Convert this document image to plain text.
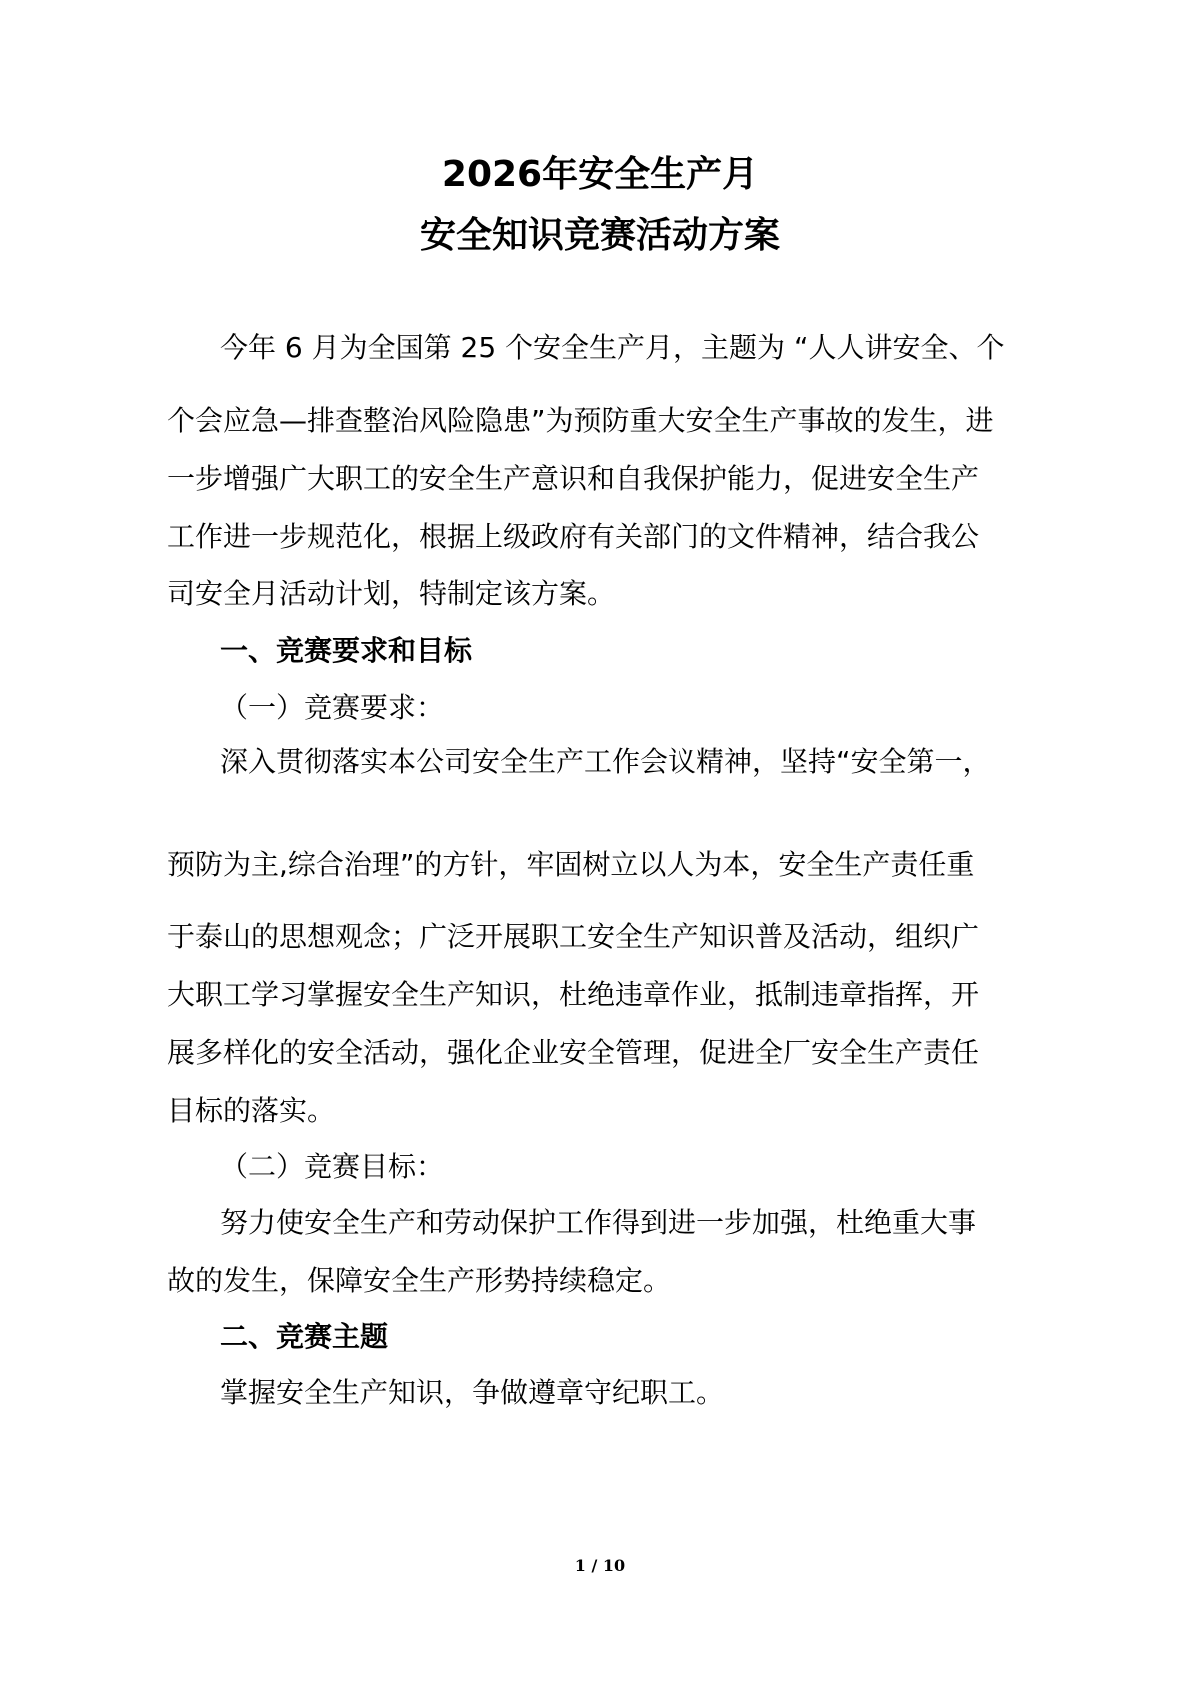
2026年安全生产月
安全知识竞赛活动方案
今年 6 月为全国第 25 个安全生产月，主题为 “人人讲安全、个
个会应急—排查整治风险隐患”为预防重大安全生产事故的发生，进
一步增强广大职工的安全生产意识和自我保护能力，促进安全生产
工作进一步规范化，根据上级政府有关部门的文件精神，结合我公
司安全月活动计划，特制定该方案。
一、竞赛要求和目标
（一）竞赛要求：
深入贯彻落实本公司安全生产工作会议精神，坚持“安全第一，
预防为主,综合治理”的方针，牢固树立以人为本，安全生产责任重
于泰山的思想观念；广泛开展职工安全生产知识普及活动，组织广
大职工学习掌握安全生产知识，杜绝违章作业，抵制违章指挥，开
展多样化的安全活动，强化企业安全管理，促进全厂安全生产责任
目标的落实。
（二）竞赛目标：
努力使安全生产和劳动保护工作得到进一步加强，杜绝重大事
故的发生，保障安全生产形势持续稳定。
二、竞赛主题
掌握安全生产知识，争做遵章守纪职工。
1 / 10
